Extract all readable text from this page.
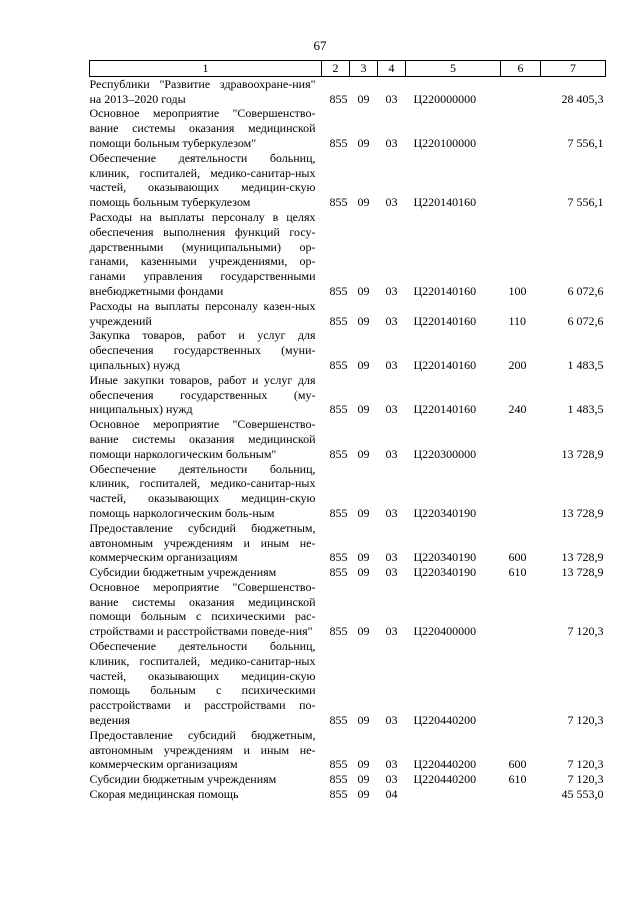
67
1	2	3	4	5	6	7
Республики "Развитие здравоохране-ния" на 2013–2020 годы	855	09	03	Ц220000000		28 405,3
Основное мероприятие "Совершенство-вание системы оказания медицинской помощи больным туберкулезом"	855	09	03	Ц220100000		7 556,1
Обеспечение деятельности больниц, клиник, госпиталей, медико-санитар-ных частей, оказывающих медицин-скую помощь больным туберкулезом	855	09	03	Ц220140160		7 556,1
Расходы на выплаты персоналу в целях обеспечения выполнения функций госу-дарственными (муниципальными) ор-ганами, казенными учреждениями, ор-ганами управления государственными внебюджетными фондами	855	09	03	Ц220140160	100	6 072,6
Расходы на выплаты персоналу казен-ных учреждений	855	09	03	Ц220140160	110	6 072,6
Закупка товаров, работ и услуг для обеспечения государственных (муни-ципальных) нужд	855	09	03	Ц220140160	200	1 483,5
Иные закупки товаров, работ и услуг для обеспечения государственных (му-ниципальных) нужд	855	09	03	Ц220140160	240	1 483,5
Основное мероприятие "Совершенство-вание системы оказания медицинской помощи наркологическим больным"	855	09	03	Ц220300000		13 728,9
Обеспечение деятельности больниц, клиник, госпиталей, медико-санитар-ных частей, оказывающих медицин-скую помощь наркологическим боль-ным	855	09	03	Ц220340190		13 728,9
Предоставление субсидий бюджетным, автономным учреждениям и иным не-коммерческим организациям	855	09	03	Ц220340190	600	13 728,9
Субсидии бюджетным учреждениям	855	09	03	Ц220340190	610	13 728,9
Основное мероприятие "Совершенство-вание системы оказания медицинской помощи больным с психическими рас-стройствами и расстройствами поведе-ния"	855	09	03	Ц220400000		7 120,3
Обеспечение деятельности больниц, клиник, госпиталей, медико-санитар-ных частей, оказывающих медицин-скую помощь больным с психическими расстройствами и расстройствами по-ведения	855	09	03	Ц220440200		7 120,3
Предоставление субсидий бюджетным, автономным учреждениям и иным не-коммерческим организациям	855	09	03	Ц220440200	600	7 120,3
Субсидии бюджетным учреждениям	855	09	03	Ц220440200	610	7 120,3
Скорая медицинская помощь	855	09	04			45 553,0
